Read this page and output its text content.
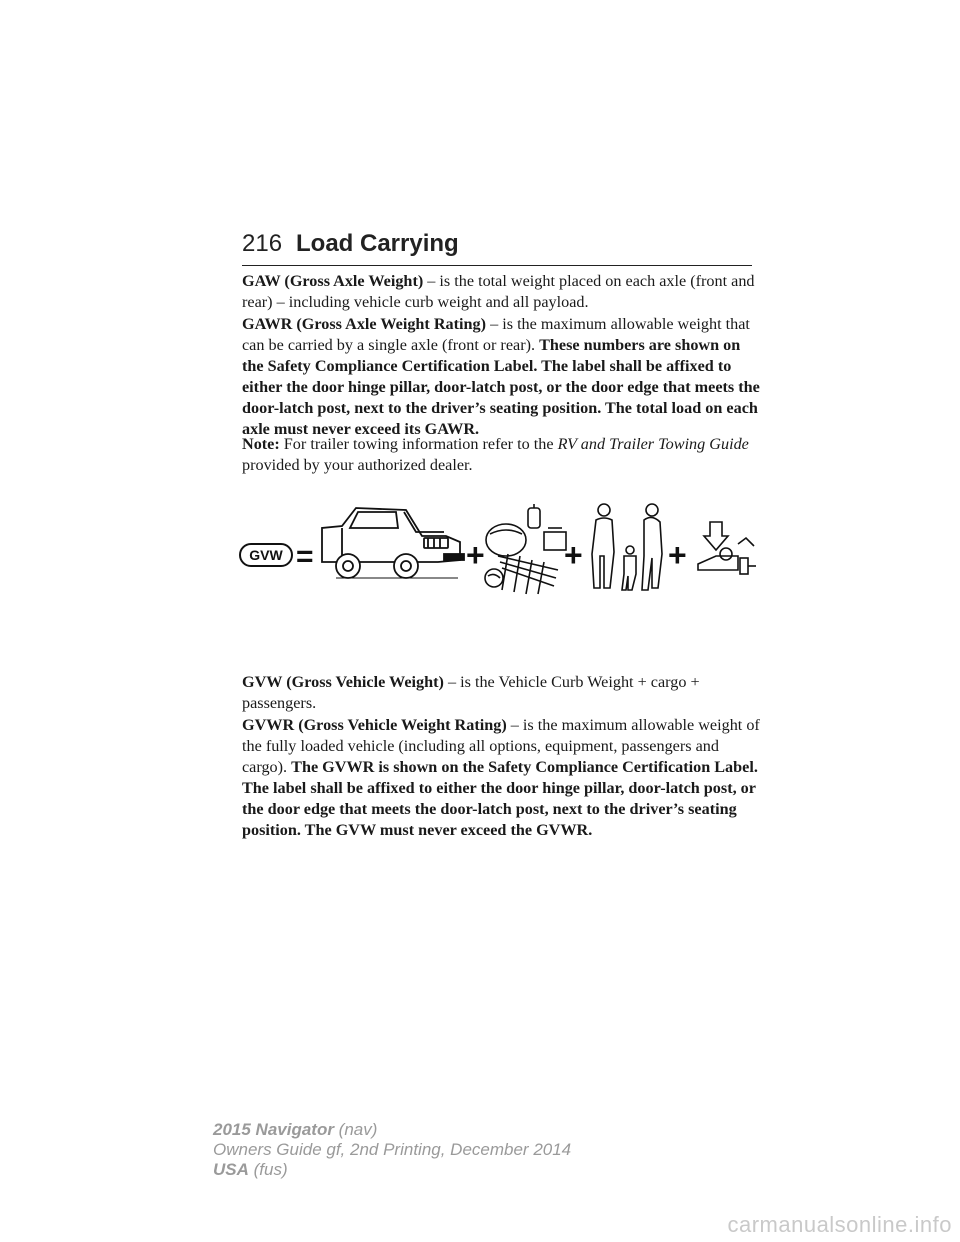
216 Load Carrying

GAW (Gross Axle Weight) – is the total weight placed on each axle (front and rear) – including vehicle curb weight and all payload.

GAWR (Gross Axle Weight Rating) – is the maximum allowable weight that can be carried by a single axle (front or rear). These numbers are shown on the Safety Compliance Certification Label. The label shall be affixed to either the door hinge pillar, door-latch post, or the door edge that meets the door-latch post, next to the driver’s seating position. The total load on each axle must never exceed its GAWR.

Note: For trailer towing information refer to the RV and Trailer Towing Guide provided by your authorized dealer.

GVW =	+ +	+

GVW (Gross Vehicle Weight) – is the Vehicle Curb Weight + cargo + passengers.

GVWR (Gross Vehicle Weight Rating) – is the maximum allowable weight of the fully loaded vehicle (including all options, equipment, passengers and cargo). The GVWR is shown on the Safety Compliance Certification Label. The label shall be affixed to either the door hinge pillar, door-latch post, or the door edge that meets the door-latch post, next to the driver’s seating position. The GVW must never exceed the GVWR.

2015 Navigator (nav)
Owners Guide gf, 2nd Printing, December 2014
USA (fus)
carmanualsonline.info
